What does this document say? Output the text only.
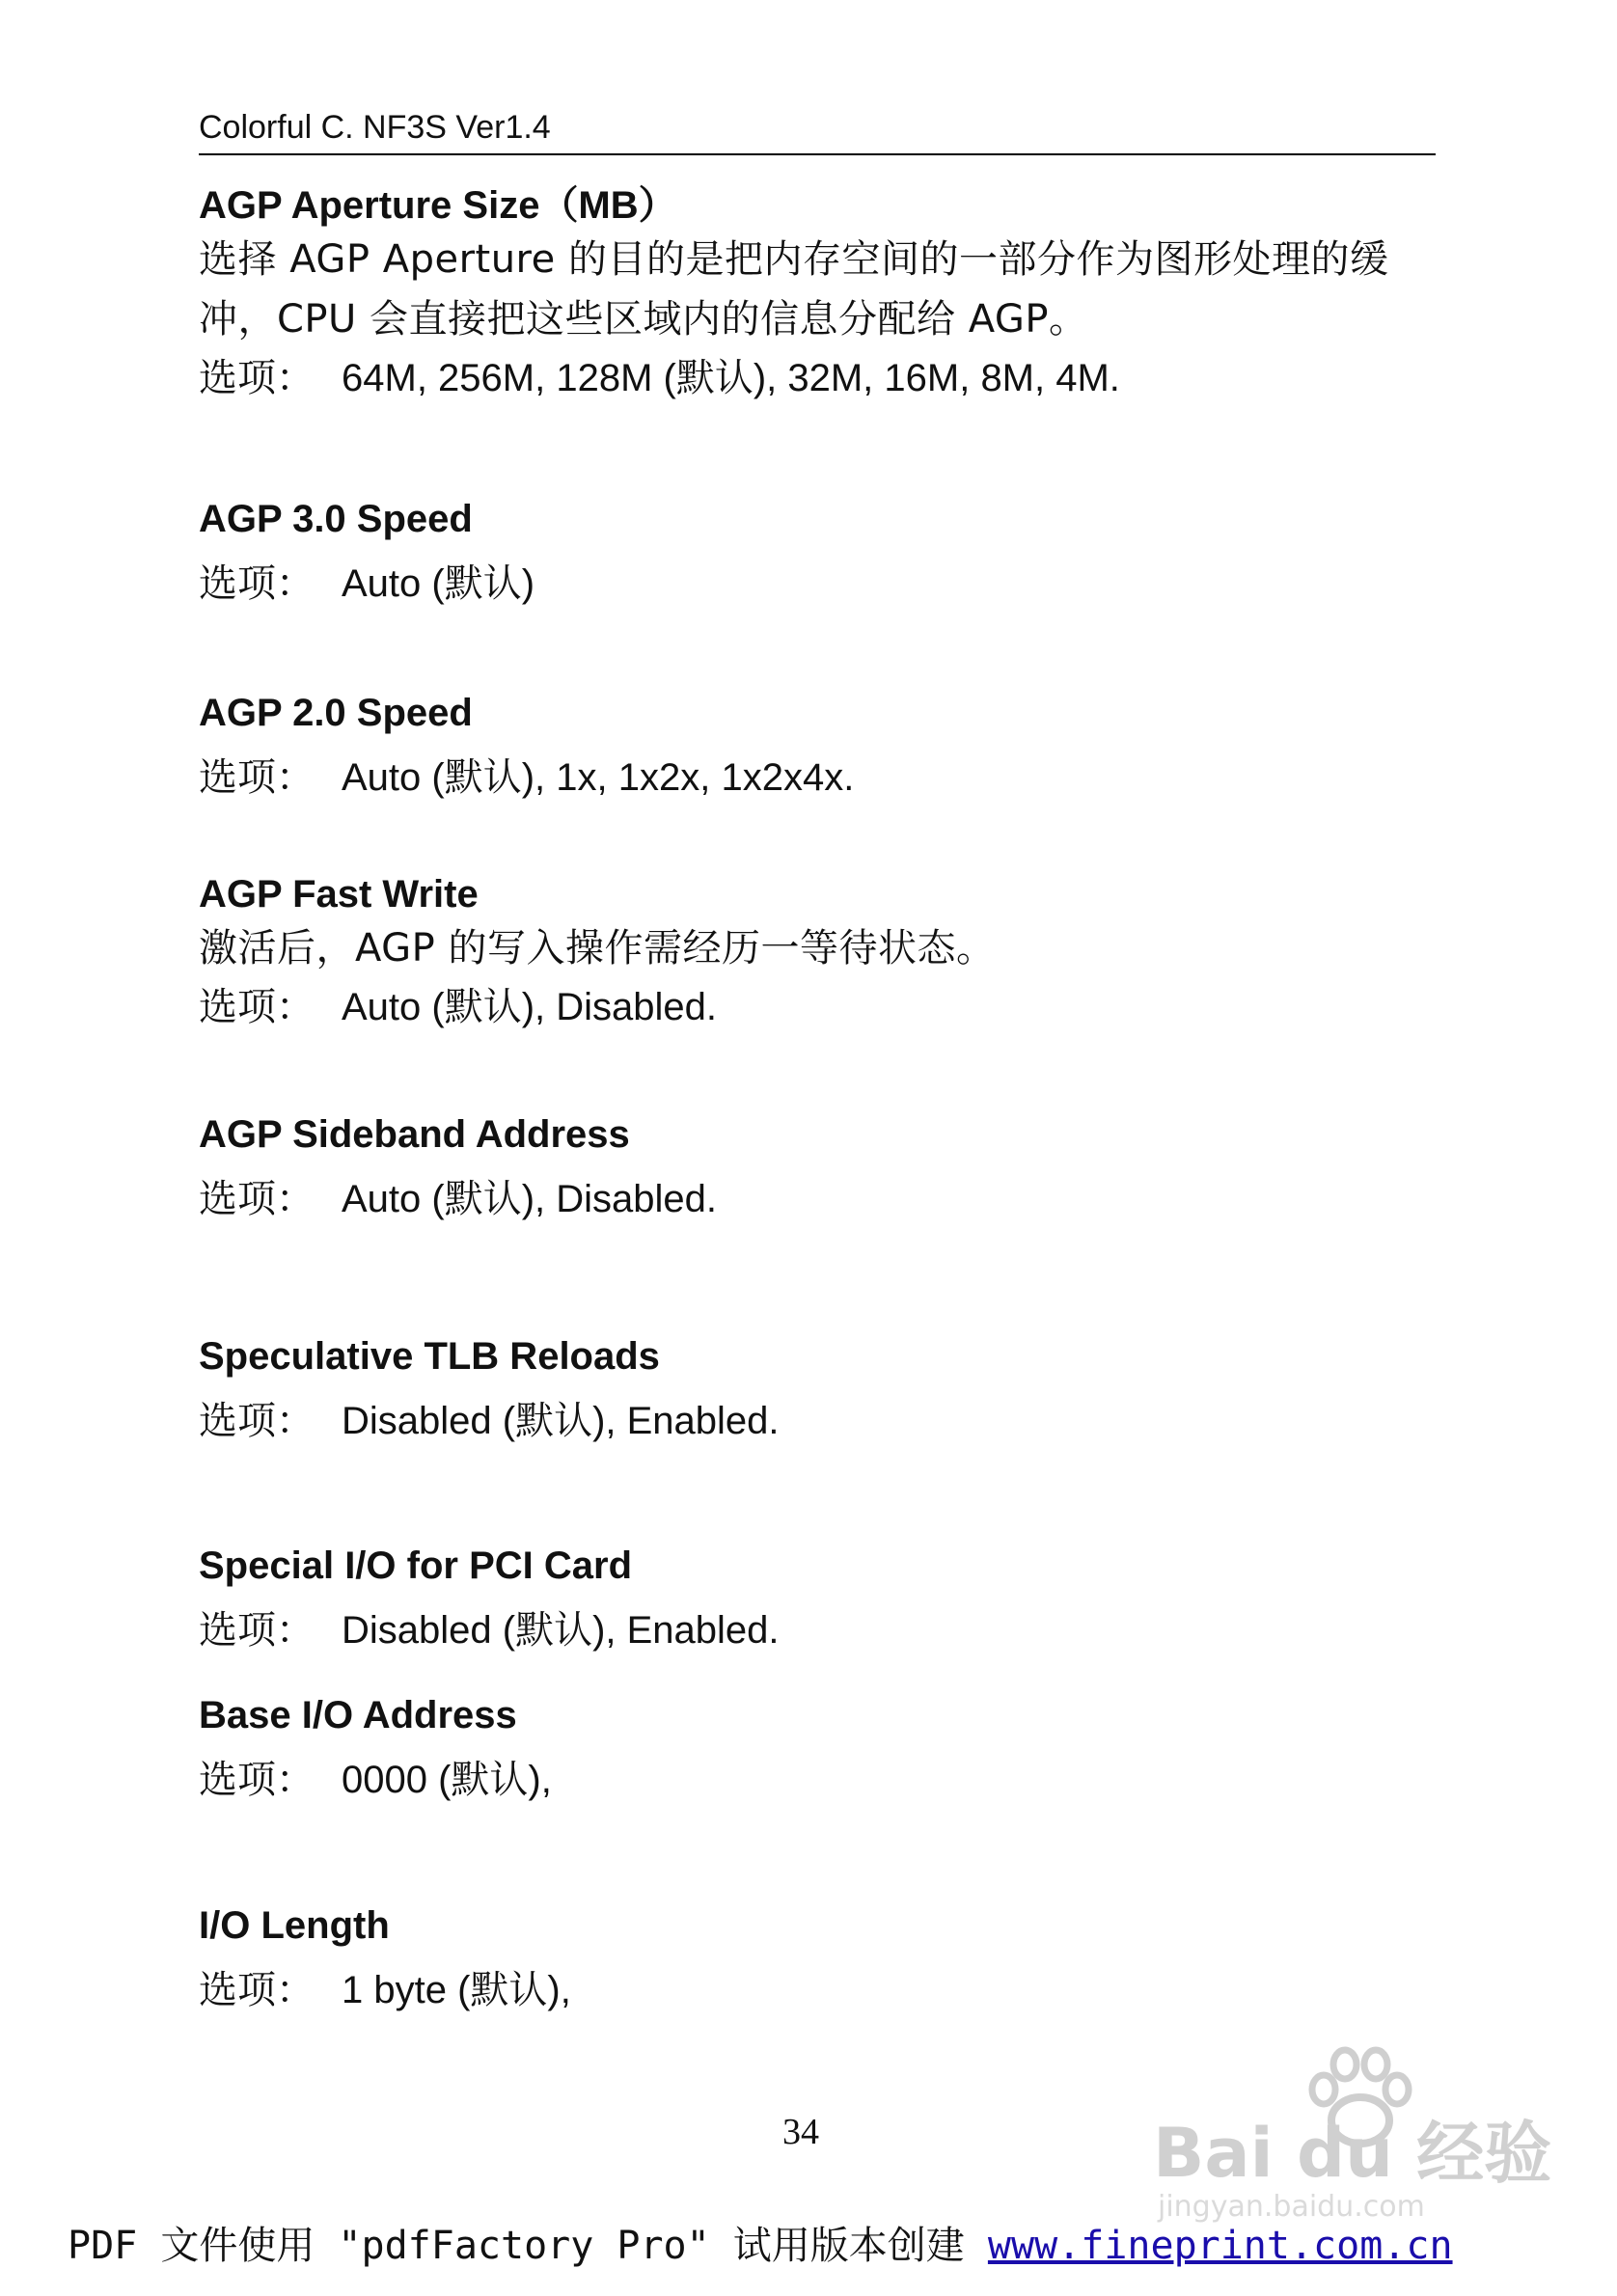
Colorful C. NF3S Ver1.4
AGP Aperture Size（MB）
选择 AGP Aperture 的目的是把内存空间的一部分作为图形处理的缓冲，CPU 会直接把这些区域内的信息分配给 AGP。
选项： 64M, 256M, 128M (默认), 32M, 16M, 8M, 4M.
AGP 3.0 Speed
选项： Auto (默认)
AGP 2.0 Speed
选项： Auto (默认), 1x, 1x2x, 1x2x4x.
AGP Fast Write
激活后，AGP 的写入操作需经历一等待状态。
选项： Auto (默认), Disabled.
AGP Sideband Address
选项： Auto (默认), Disabled.
Speculative TLB Reloads
选项： Disabled (默认), Enabled.
Special I/O for PCI Card
选项： Disabled (默认), Enabled.
Base I/O Address
选项： 0000 (默认),
I/O Length
选项： 1 byte (默认),
34	Bai du 经验
jingyan.baidu.com
PDF 文件使用 "pdfFactory Pro" 试用版本创建 www.fineprint.com.cn
